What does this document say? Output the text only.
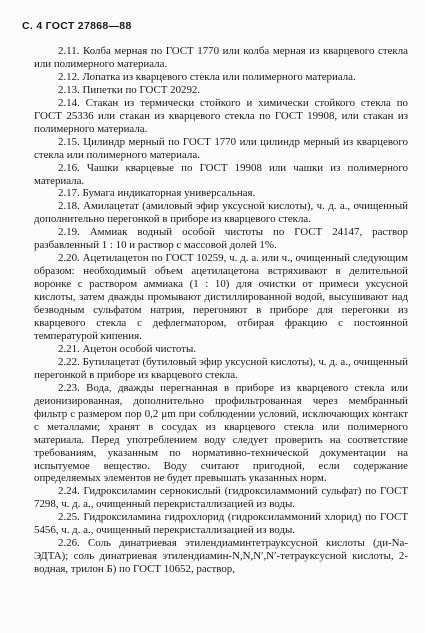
С. 4 ГОСТ 27868—88

2.11. Колба мерная по ГОСТ 1770 или колба мерная из кварцевого стекла или полимерного материала.

2.12. Лопатка из кварцевого стекла или полимерного материала.

2.13. Пипетки по ГОСТ 20292.

2.14. Стакан из термически стойкого и химически стойкого стекла по ГОСТ 25336 или стакан из кварцевого стекла по ГОСТ 19908, или стакан из полимерного материала.

2.15. Цилиндр мерный по ГОСТ 1770 или цилиндр мерный из кварцевого стекла или полимерного материала.

2.16. Чашки кварцевые по ГОСТ 19908 или чашки из полимерного материала.

2.17. Бумага индикаторная универсальная.

2.18. Амилацетат (амиловый эфир уксусной кислоты), ч. д. а., очищенный дополнительно перегонкой в приборе из кварцевого стекла.

2.19. Аммиак водный особой чистоты по ГОСТ 24147, раствор разбавленный 1 : 10 и раствор с массовой долей 1%.

2.20. Ацетилацетон по ГОСТ 10259, ч. д. а. или ч., очищенный следующим образом: необходимый объем ацетилацетона встряхивают в делительной воронке с раствором аммиака (1 : 10) для очистки от примеси уксусной кислоты, затем дважды промывают дистиллированной водой, высушивают над безводным сульфатом натрия, перегоняют в приборе для перегонки из кварцевого стекла с дефлегматором, отбирая фракцию с постоянной температурой кипения.

2.21. Ацетон особой чистоты.

2.22. Бутилацетат (бутиловый эфир уксусной кислоты), ч. д. а., очищенный перегонкой в приборе из кварцевого стекла.

2.23. Вода, дважды перегнанная в приборе из кварцевого стекла или деионизированная, дополнительно профильтрованная через мембранный фильтр с размером пор 0,2 μm при соблюдении условий, исключающих контакт с металлами; хранят в сосудах из кварцевого стекла или полимерного материала. Перед употреблением воду следует проверить на соответствие требованиям, указанным по нормативно-технической документации на испытуемое вещество. Воду считают пригодной, если содержание определяемых элементов не будет превышать указанных норм.

2.24. Гидроксиламин сернокислый (гидроксиламмоний сульфат) по ГОСТ 7298, ч. д. а., очищенный перекристаллизацией из воды.

2.25. Гидроксиламина гидрохлорид (гидроксиламмоний хлорид) по ГОСТ 5456, ч. д. а., очищенный перекристаллизацией из воды.

2.26. Соль динатриевая этилендиаминтетрауксусной кислоты (ди-Na-ЭДТА); соль динатриевая этилендиамин-N,N,N′,N′-тетрауксусной кислоты, 2-водная, трилон Б) по ГОСТ 10652, раствор,
